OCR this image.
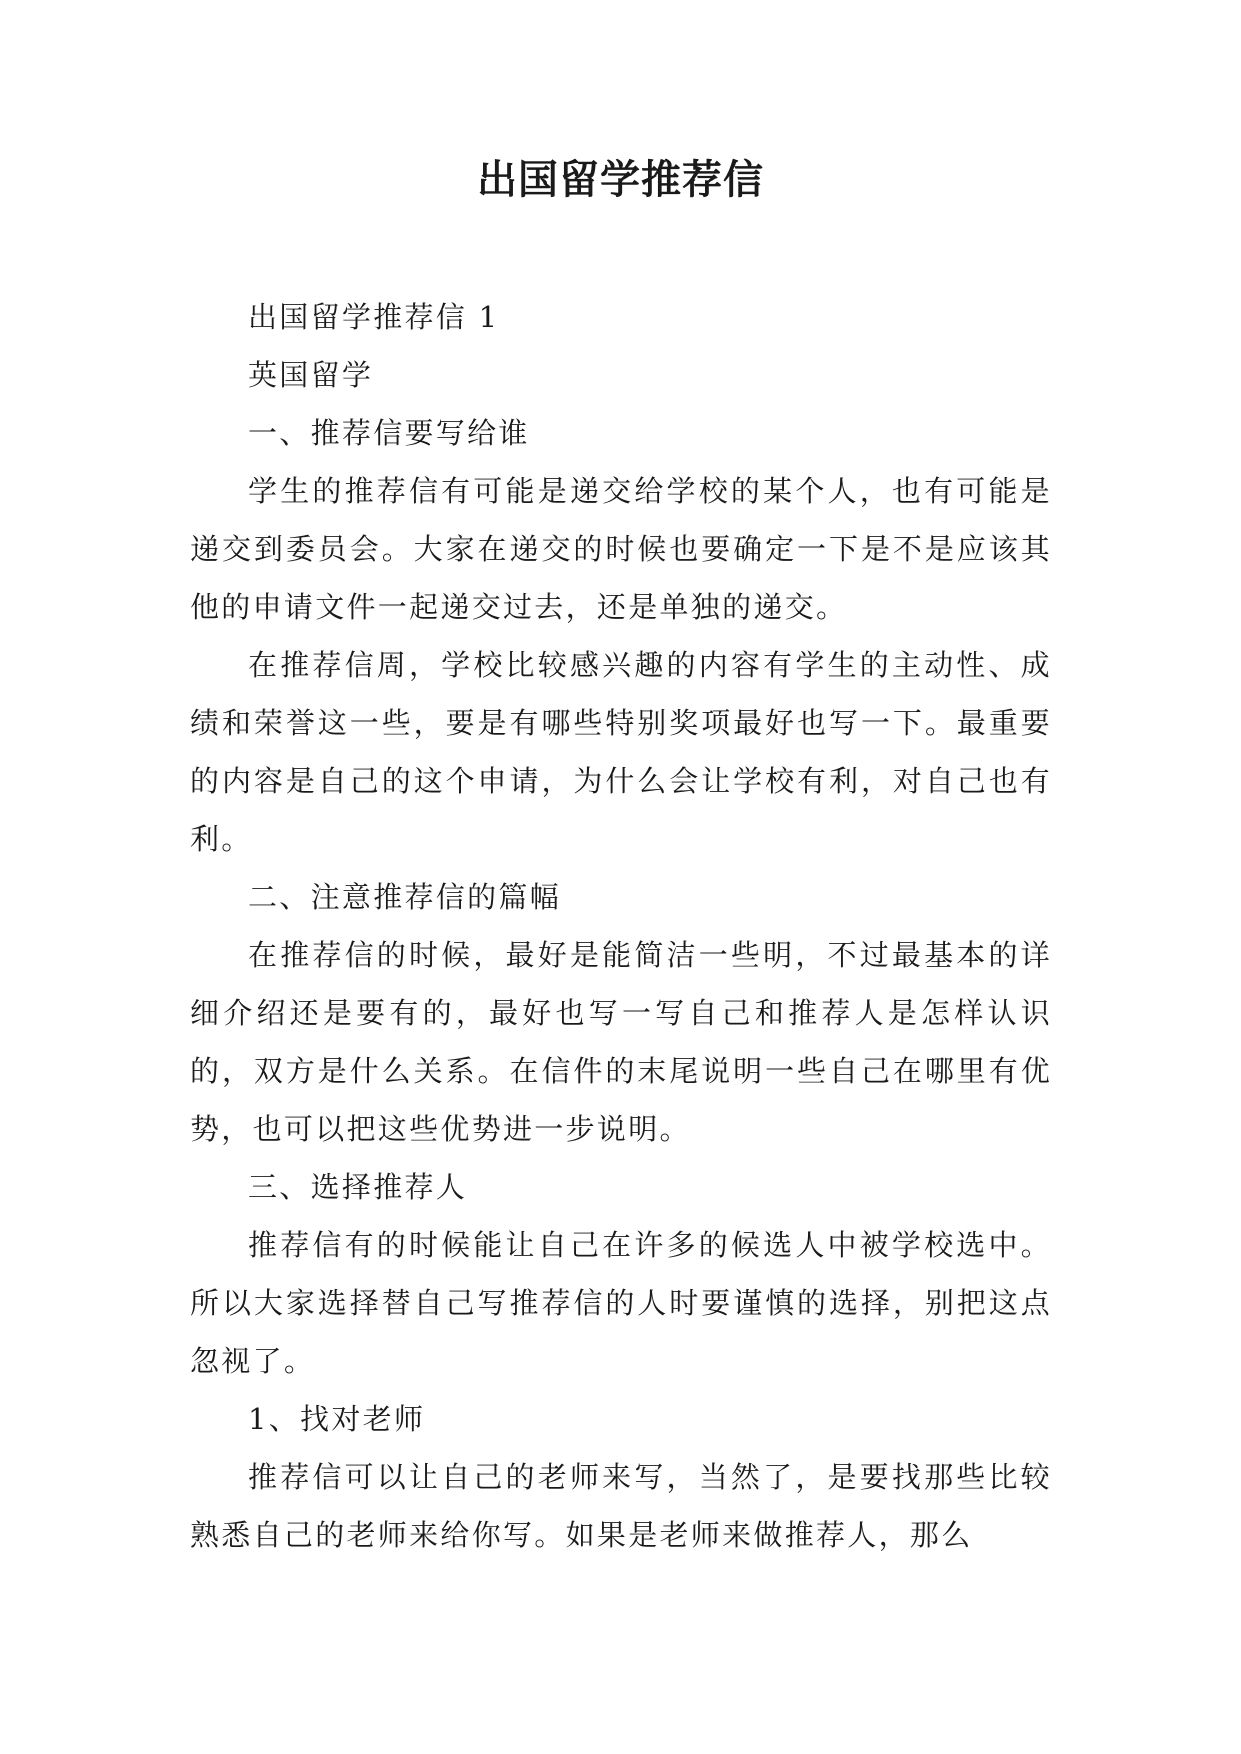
出国留学推荐信

出国留学推荐信 1

英国留学

一、推荐信要写给谁

学生的推荐信有可能是递交给学校的某个人，也有可能是递交到委员会。大家在递交的时候也要确定一下是不是应该其他的申请文件一起递交过去，还是单独的递交。

在推荐信周，学校比较感兴趣的内容有学生的主动性、成绩和荣誉这一些，要是有哪些特别奖项最好也写一下。最重要的内容是自己的这个申请，为什么会让学校有利，对自己也有利。

二、注意推荐信的篇幅

在推荐信的时候，最好是能简洁一些明，不过最基本的详细介绍还是要有的，最好也写一写自己和推荐人是怎样认识的，双方是什么关系。在信件的末尾说明一些自己在哪里有优势，也可以把这些优势进一步说明。

三、选择推荐人

推荐信有的时候能让自己在许多的候选人中被学校选中。所以大家选择替自己写推荐信的人时要谨慎的选择，别把这点忽视了。

1、找对老师

推荐信可以让自己的老师来写，当然了，是要找那些比较熟悉自己的老师来给你写。如果是老师来做推荐人，那么
